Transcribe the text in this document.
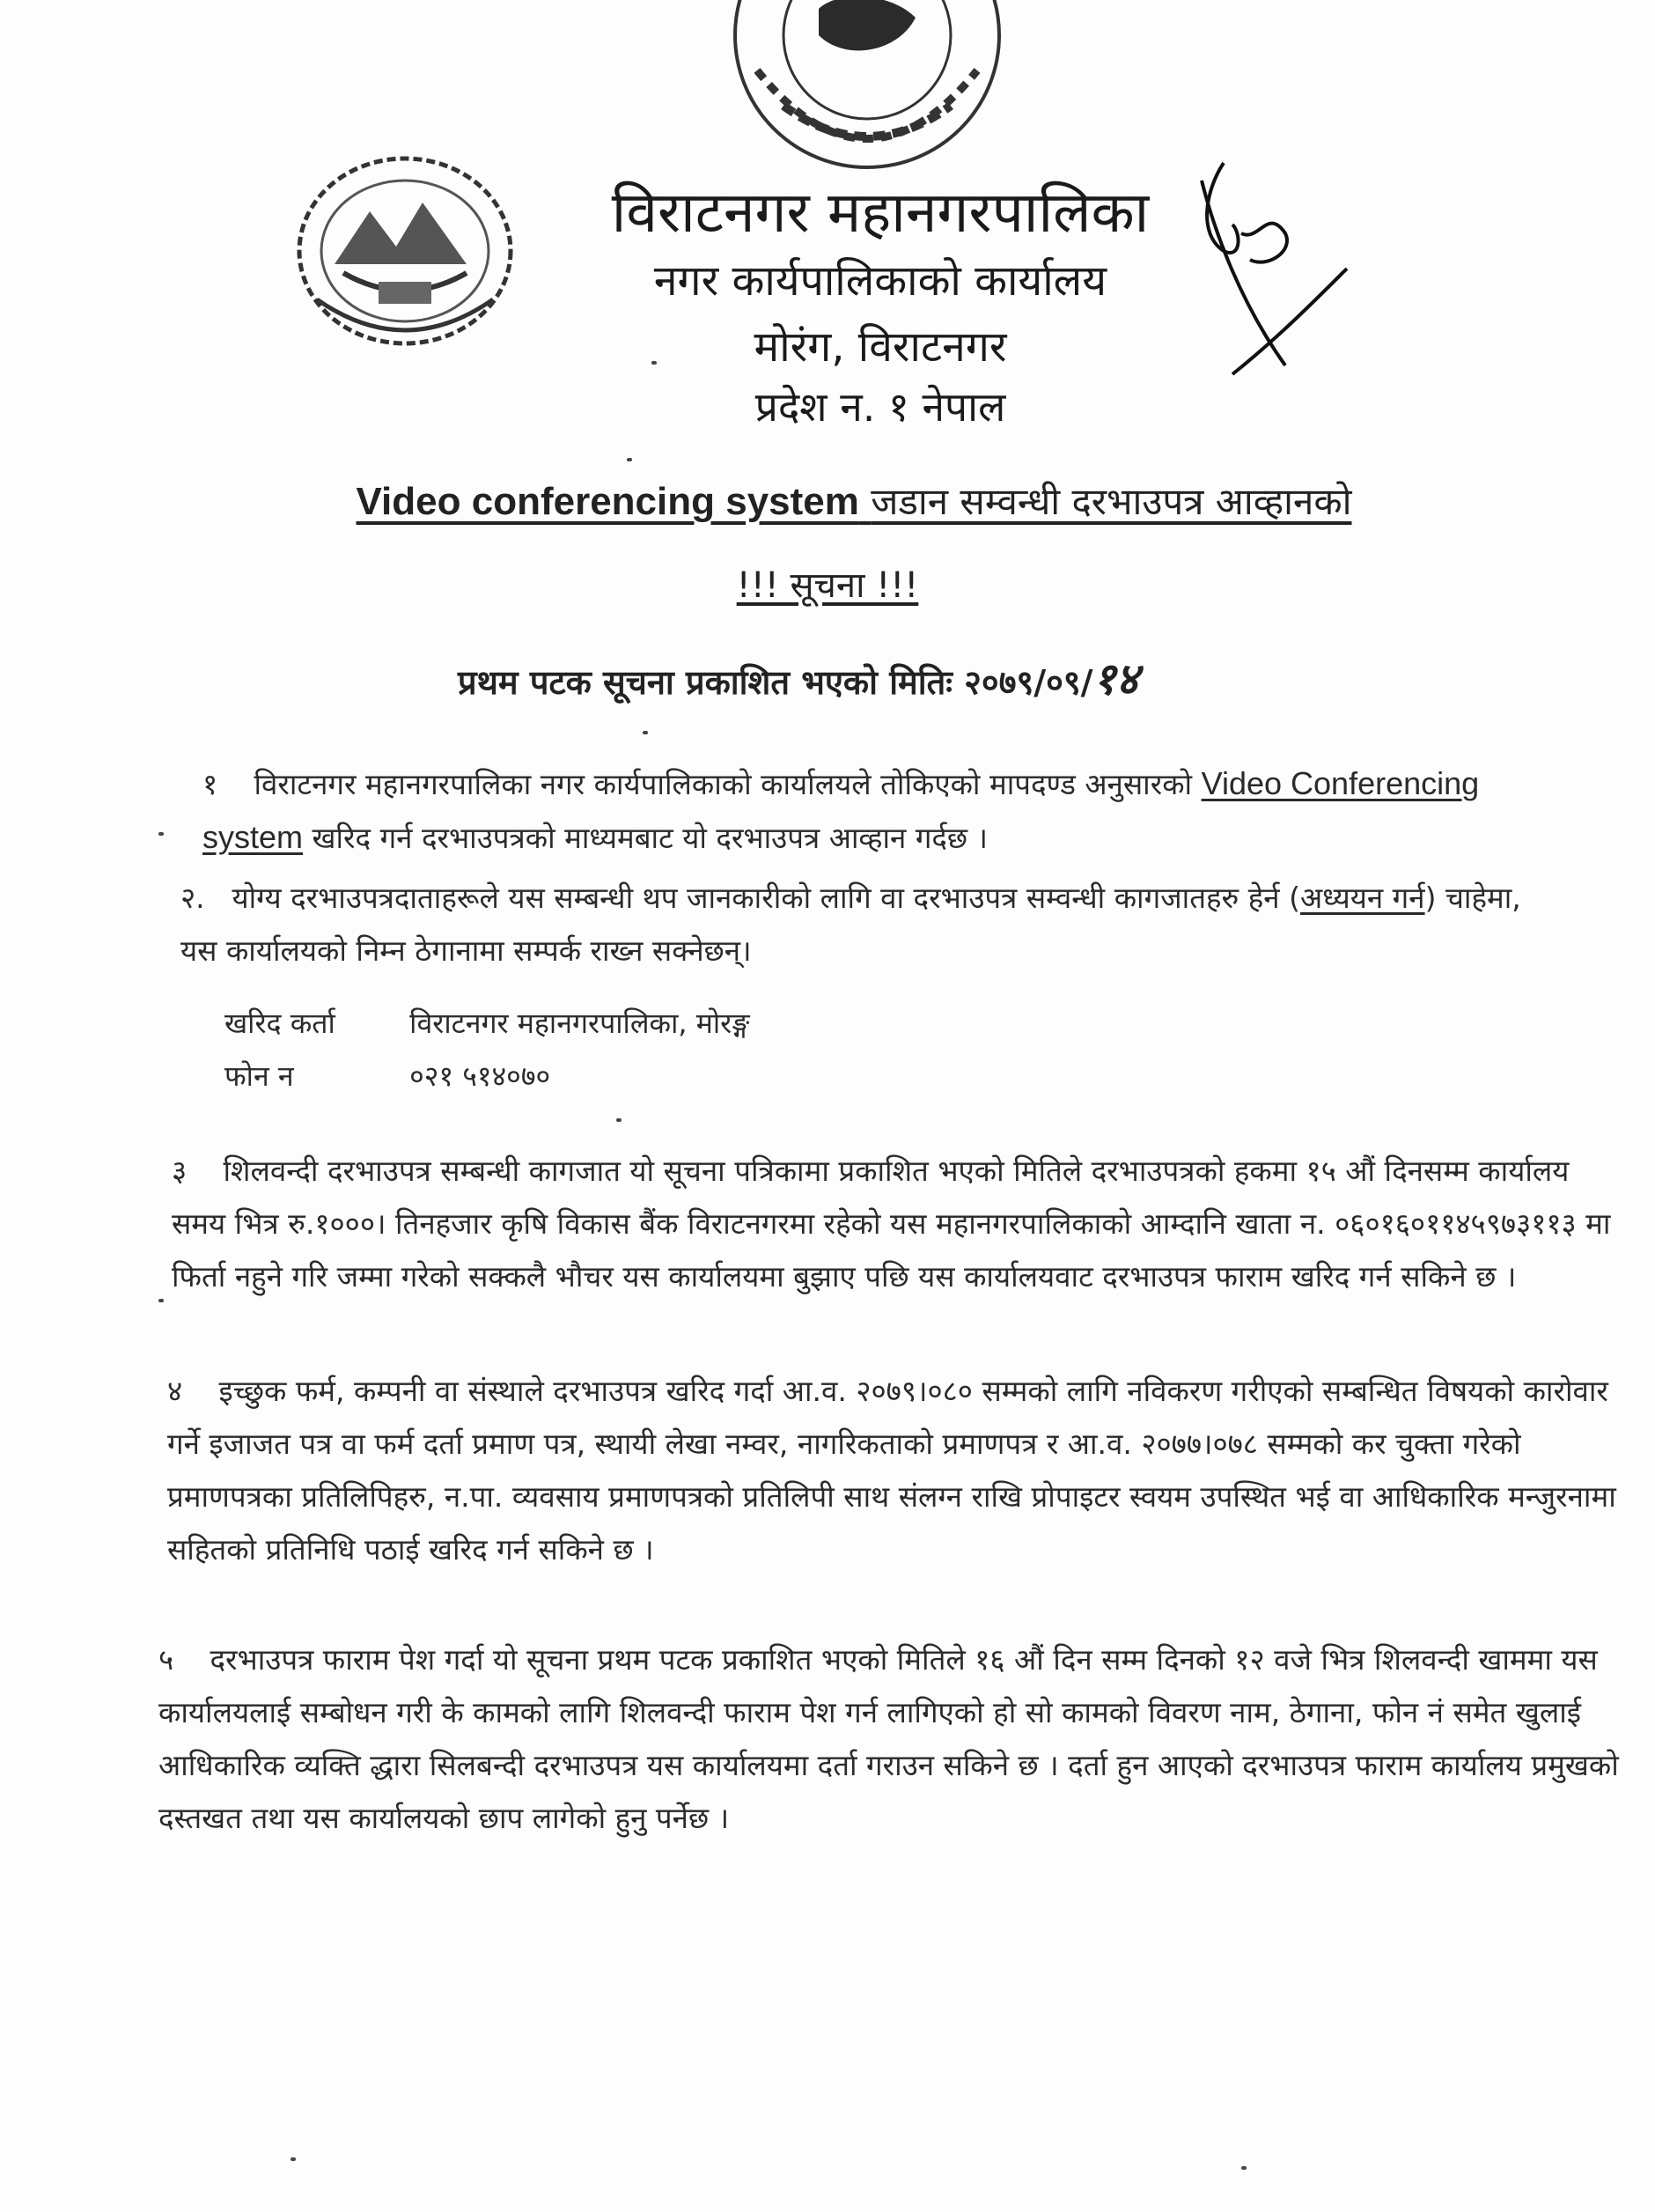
विराटनगर महानगरपालिका
नगर कार्यपालिकाको कार्यालय
मोरंग, विराटनगर
प्रदेश न. १ नेपाल
Video conferencing system जडान सम्वन्धी दरभाउपत्र आव्हानको
!!! सूचना !!!
प्रथम पटक सूचना प्रकाशित भएको मितिः २०७९/०९/१४
१ विराटनगर महानगरपालिका नगर कार्यपालिकाको कार्यालयले तोकिएको मापदण्ड अनुसारको Video Conferencing system खरिद गर्न दरभाउपत्रको माध्यमबाट यो दरभाउपत्र आव्हान गर्दछ ।
२. योग्य दरभाउपत्रदाताहरूले यस सम्बन्धी थप जानकारीको लागि वा दरभाउपत्र सम्वन्धी कागजातहरु हेर्न (अध्ययन गर्न) चाहेमा, यस कार्यालयको निम्न ठेगानामा सम्पर्क राख्न सक्नेछन्।
खरिद कर्ता	विराटनगर महानगरपालिका, मोरङ्ग
फोन न	०२१ ५१४०७०
३ शिलवन्दी दरभाउपत्र सम्बन्धी कागजात यो सूचना पत्रिकामा प्रकाशित भएको मितिले दरभाउपत्रको हकमा १५ औं दिनसम्म कार्यालय समय भित्र रु.१०००। तिनहजार कृषि विकास बैंक विराटनगरमा रहेको यस महानगरपालिकाको आम्दानि खाता न. ०६०१६०११४५९७३११३ मा फिर्ता नहुने गरि जम्मा गरेको सक्कलै भौचर यस कार्यालयमा बुझाए पछि यस कार्यालयवाट दरभाउपत्र फाराम खरिद गर्न सकिने छ ।
४ इच्छुक फर्म, कम्पनी वा संस्थाले दरभाउपत्र खरिद गर्दा आ.व. २०७९।०८० सम्मको लागि नविकरण गरीएको सम्बन्धित विषयको कारोवार गर्ने इजाजत पत्र वा फर्म दर्ता प्रमाण पत्र, स्थायी लेखा नम्वर, नागरिकताको प्रमाणपत्र र आ.व. २०७७।०७८ सम्मको कर चुक्ता गरेको प्रमाणपत्रका प्रतिलिपिहरु, न.पा. व्यवसाय प्रमाणपत्रको प्रतिलिपी साथ संलग्न राखि प्रोपाइटर स्वयम उपस्थित भई वा आधिकारिक मन्जुरनामा सहितको प्रतिनिधि पठाई खरिद गर्न सकिने छ ।
५ दरभाउपत्र फाराम पेश गर्दा यो सूचना प्रथम पटक प्रकाशित भएको मितिले १६ औं दिन सम्म दिनको १२ वजे भित्र शिलवन्दी खाममा यस कार्यालयलाई सम्बोधन गरी के कामको लागि शिलवन्दी फाराम पेश गर्न लागिएको हो सो कामको विवरण नाम, ठेगाना, फोन नं समेत खुलाई आधिकारिक व्यक्ति द्धारा सिलबन्दी दरभाउपत्र यस कार्यालयमा दर्ता गराउन सकिने छ । दर्ता हुन आएको दरभाउपत्र फाराम कार्यालय प्रमुखको दस्तखत तथा यस कार्यालयको छाप लागेको हुनु पर्नेछ ।
